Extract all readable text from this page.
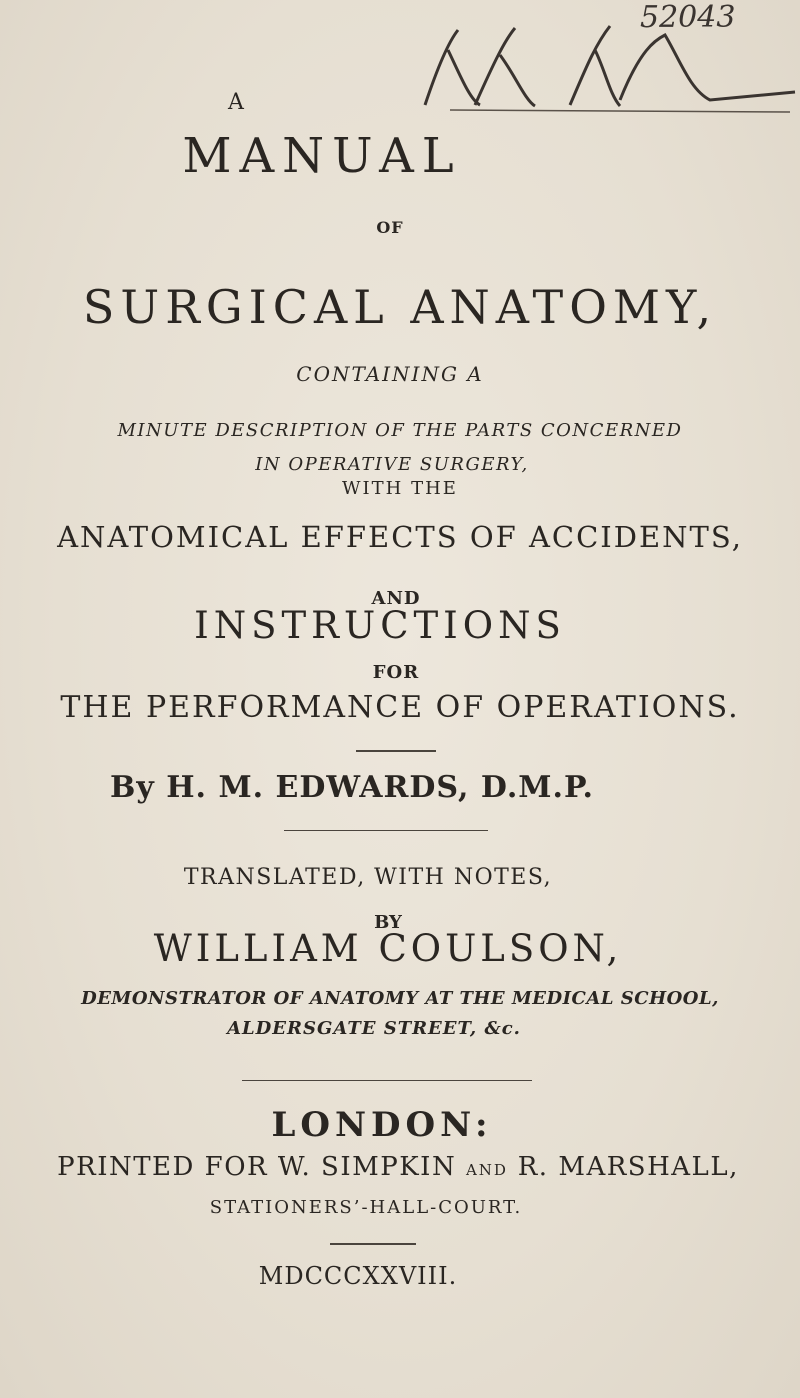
52043
A
MANUAL
OF
SURGICAL ANATOMY,
CONTAINING A
MINUTE DESCRIPTION OF THE PARTS CONCERNED
IN OPERATIVE SURGERY,
WITH THE
ANATOMICAL EFFECTS OF ACCIDENTS,
AND
INSTRUCTIONS
FOR
THE PERFORMANCE OF OPERATIONS.
By H. M. EDWARDS, D.M.P.
TRANSLATED, WITH NOTES,
BY
WILLIAM COULSON,
DEMONSTRATOR OF ANATOMY AT THE MEDICAL SCHOOL,
ALDERSGATE STREET, &c.
LONDON:
PRINTED FOR W. SIMPKIN AND R. MARSHALL,
STATIONERS’-HALL-COURT.
MDCCCXXVIII.
